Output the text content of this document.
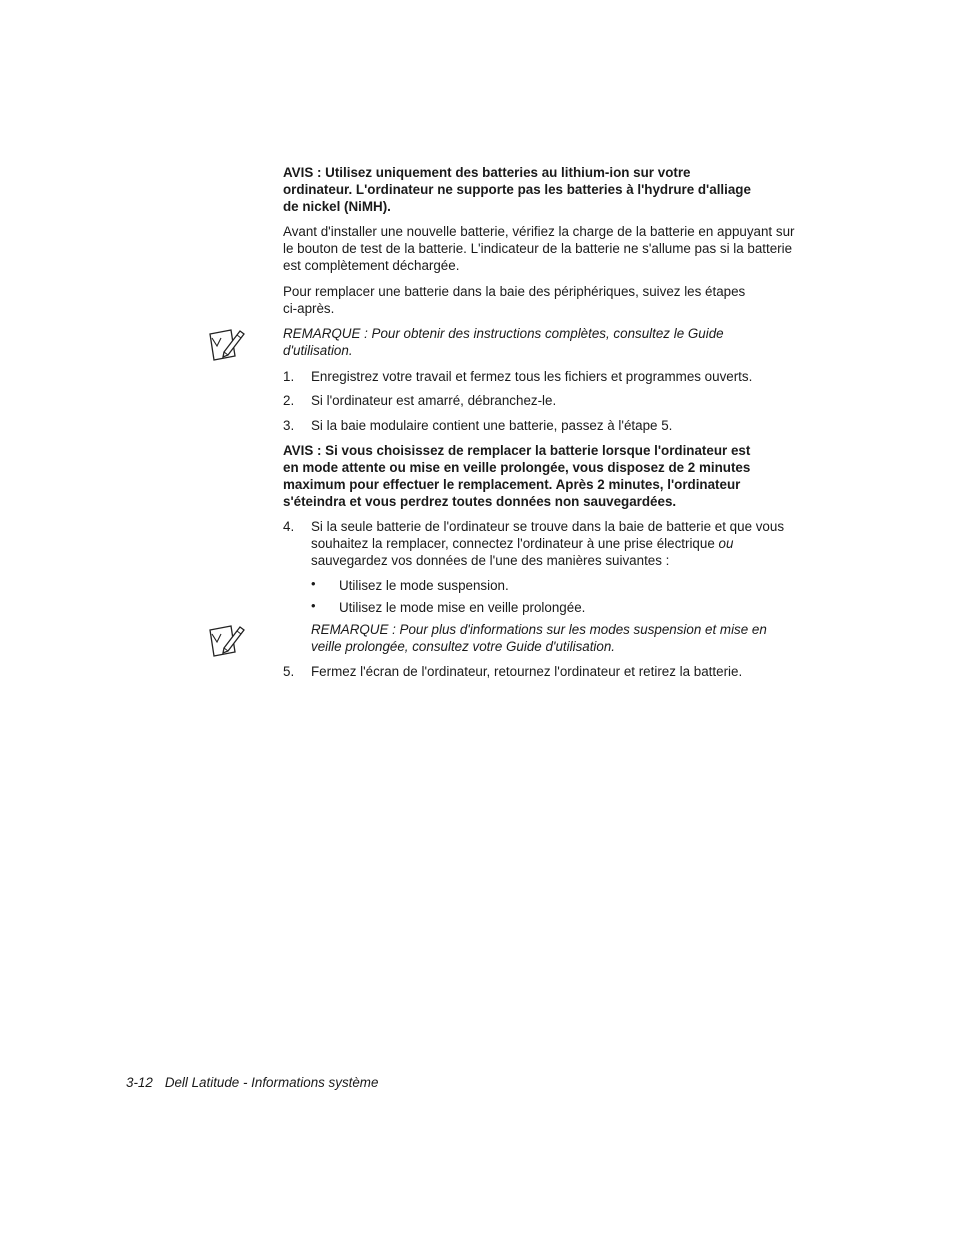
AVIS : Utilisez uniquement des batteries au lithium-ion sur votre
ordinateur. L'ordinateur ne supporte pas les batteries à l'hydrure d'alliage
de nickel (NiMH).
Avant d'installer une nouvelle batterie, vérifiez la charge de la batterie en appuyant sur
le bouton de test de la batterie. L'indicateur de la batterie ne s'allume pas si la batterie
est complètement déchargée.
Pour remplacer une batterie dans la baie des périphériques, suivez les étapes
ci-après.
REMARQUE : Pour obtenir des instructions complètes, consultez le Guide
d'utilisation.
1. Enregistrez votre travail et fermez tous les fichiers et programmes ouverts.
2. Si l'ordinateur est amarré, débranchez-le.
3. Si la baie modulaire contient une batterie, passez à l'étape 5.
AVIS : Si vous choisissez de remplacer la batterie lorsque l'ordinateur est
en mode attente ou mise en veille prolongée, vous disposez de 2 minutes
maximum pour effectuer le remplacement. Après 2 minutes, l'ordinateur
s'éteindra et vous perdrez toutes données non sauvegardées.
4. Si la seule batterie de l'ordinateur se trouve dans la baie de batterie et que vous
souhaitez la remplacer, connectez l'ordinateur à une prise électrique ou
sauvegardez vos données de l'une des manières suivantes :
• Utilisez le mode suspension.
• Utilisez le mode mise en veille prolongée.
REMARQUE : Pour plus d'informations sur les modes suspension et mise en
veille prolongée, consultez votre Guide d'utilisation.
5. Fermez l'écran de l'ordinateur, retournez l'ordinateur et retirez la batterie.
3-12 Dell Latitude - Informations système
